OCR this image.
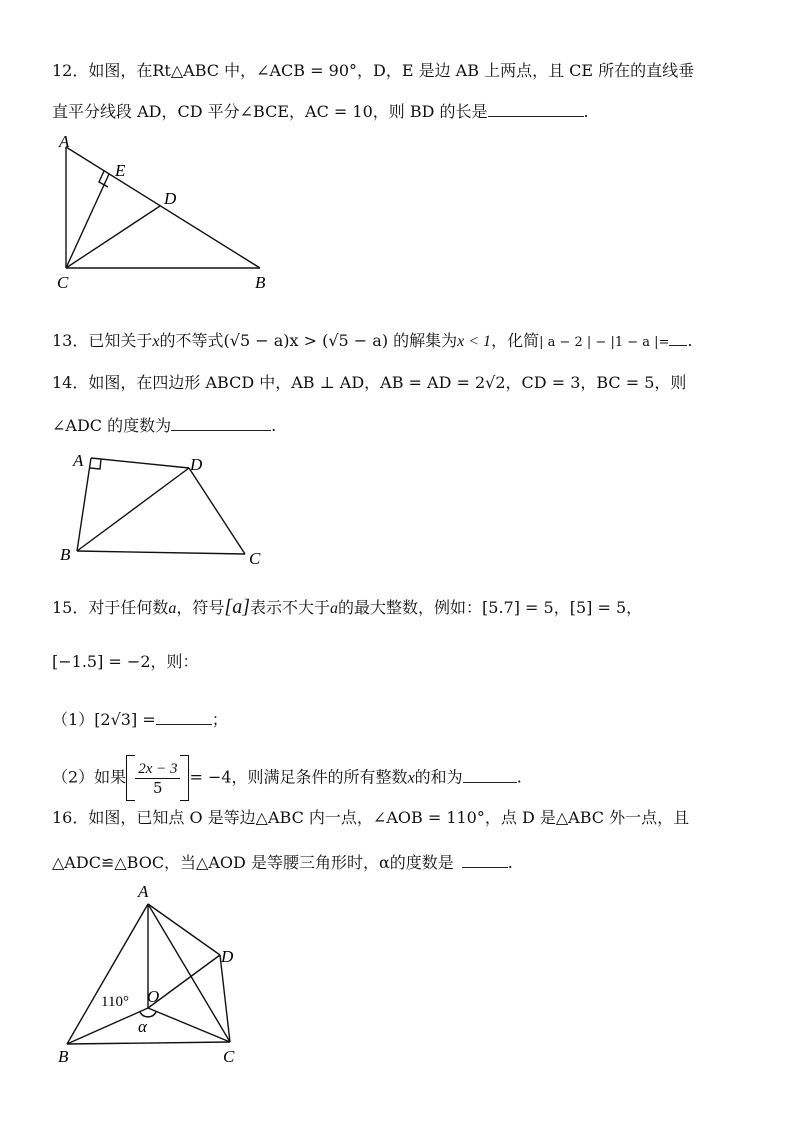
12．如图，在Rt△ABC 中，∠ACB = 90°，D，E 是边 AB 上两点，且 CE 所在的直线垂
直平分线段 AD，CD 平分∠BCE，AC = 10，则 BD 的长是	.
A
E
D
C	B
13．已知关于x的不等式(√5 − a)x > (√5 − a) 的解集为x < 1，化简| a − 2 | − |1 − a |= .
14．如图，在四边形 ABCD 中，AB ⊥ AD，AB = AD = 2√2，CD = 3，BC = 5，则
∠ADC 的度数为	.
A	D
B	C
15．对于任何数a，符号[a]表示不大于a的最大整数，例如：[5.7] = 5，[5] = 5，
[−1.5] = −2，则：
（1）[2√3] =	；
（2）如果 $\frac{2x - 3}{5} = -4$，则满足条件的所有整数x的和为	.
16．如图，已知点 O 是等边△ABC 内一点，∠AOB = 110°，点 D 是△ABC 外一点，且
△ADC≌△BOC，当△AOD 是等腰三角形时，α的度数是	.
A
D
O
110°
α
B	C
